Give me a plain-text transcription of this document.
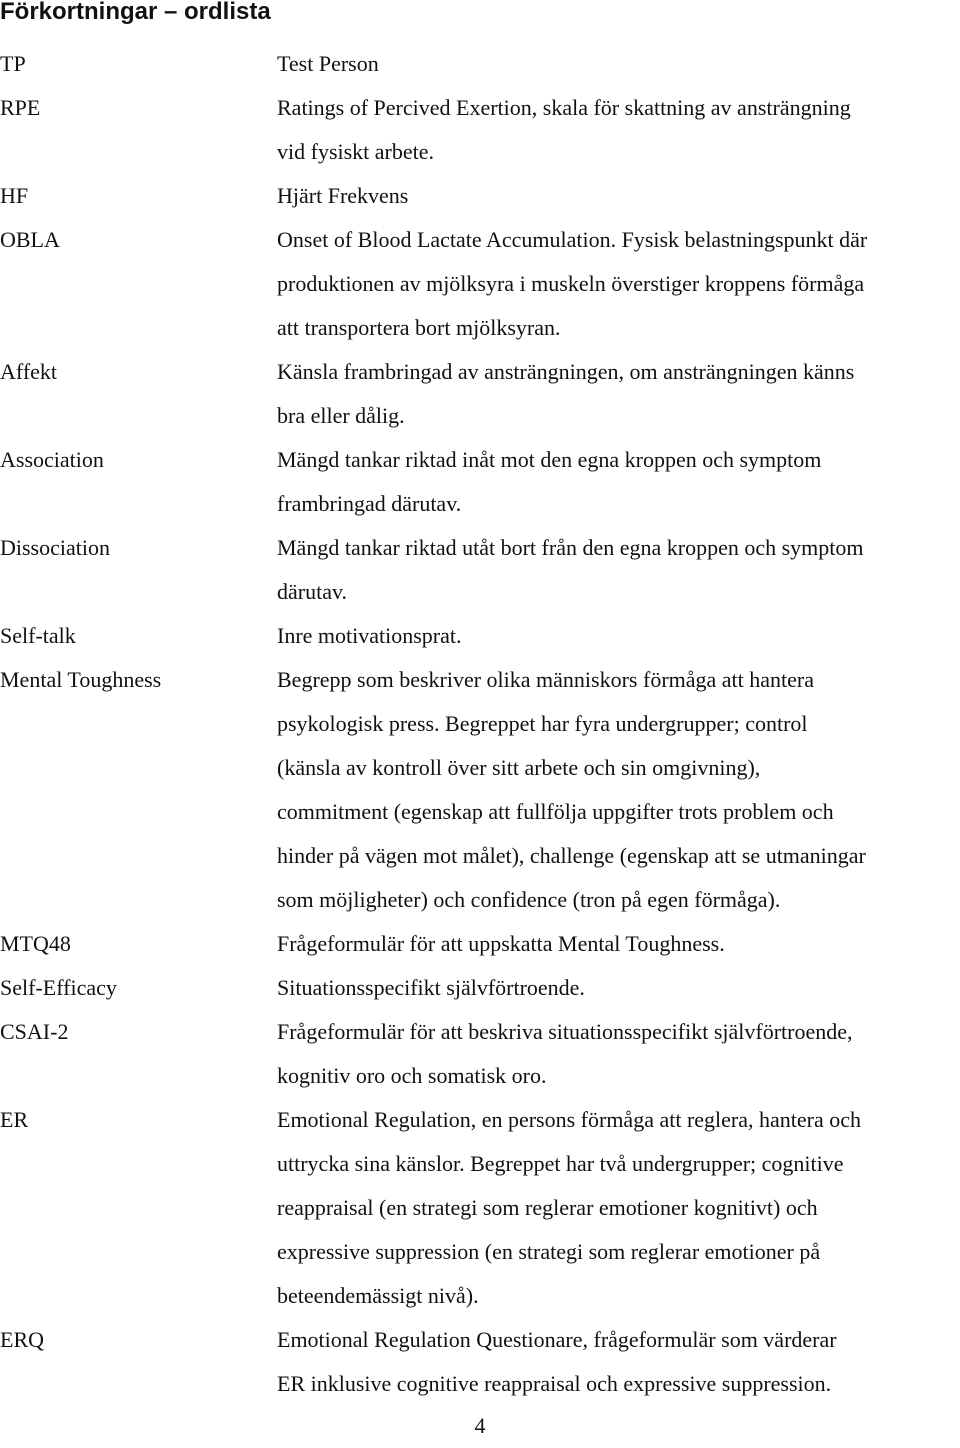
Förkortningar – ordlista
TP	Test Person
RPE	Ratings of Percived Exertion, skala för skattning av ansträngning
vid fysiskt arbete.
HF	Hjärt Frekvens
OBLA	Onset of Blood Lactate Accumulation. Fysisk belastningspunkt där
produktionen av mjölksyra i muskeln överstiger kroppens förmåga
att transportera bort mjölksyran.
Affekt	Känsla frambringad av ansträngningen, om ansträngningen känns
bra eller dålig.
Association	Mängd tankar riktad inåt mot den egna kroppen och symptom
frambringad därutav.
Dissociation	Mängd tankar riktad utåt bort från den egna kroppen och symptom
därutav.
Self-talk	Inre motivationsprat.
Mental Toughness	Begrepp som beskriver olika människors förmåga att hantera
psykologisk press. Begreppet har fyra undergrupper; control
(känsla av kontroll över sitt arbete och sin omgivning),
commitment (egenskap att fullfölja uppgifter trots problem och
hinder på vägen mot målet), challenge (egenskap att se utmaningar
som möjligheter) och confidence (tron på egen förmåga).
MTQ48	Frågeformulär för att uppskatta Mental Toughness.
Self-Efficacy	Situationsspecifikt självförtroende.
CSAI-2	Frågeformulär för att beskriva situationsspecifikt självförtroende,
kognitiv oro och somatisk oro.
ER	Emotional Regulation, en persons förmåga att reglera, hantera och
uttrycka sina känslor. Begreppet har två undergrupper; cognitive
reappraisal (en strategi som reglerar emotioner kognitivt) och
expressive suppression (en strategi som reglerar emotioner på
beteendemässigt nivå).
ERQ	Emotional Regulation Questionare, frågeformulär som värderar
ER inklusive cognitive reappraisal och expressive suppression.
4
